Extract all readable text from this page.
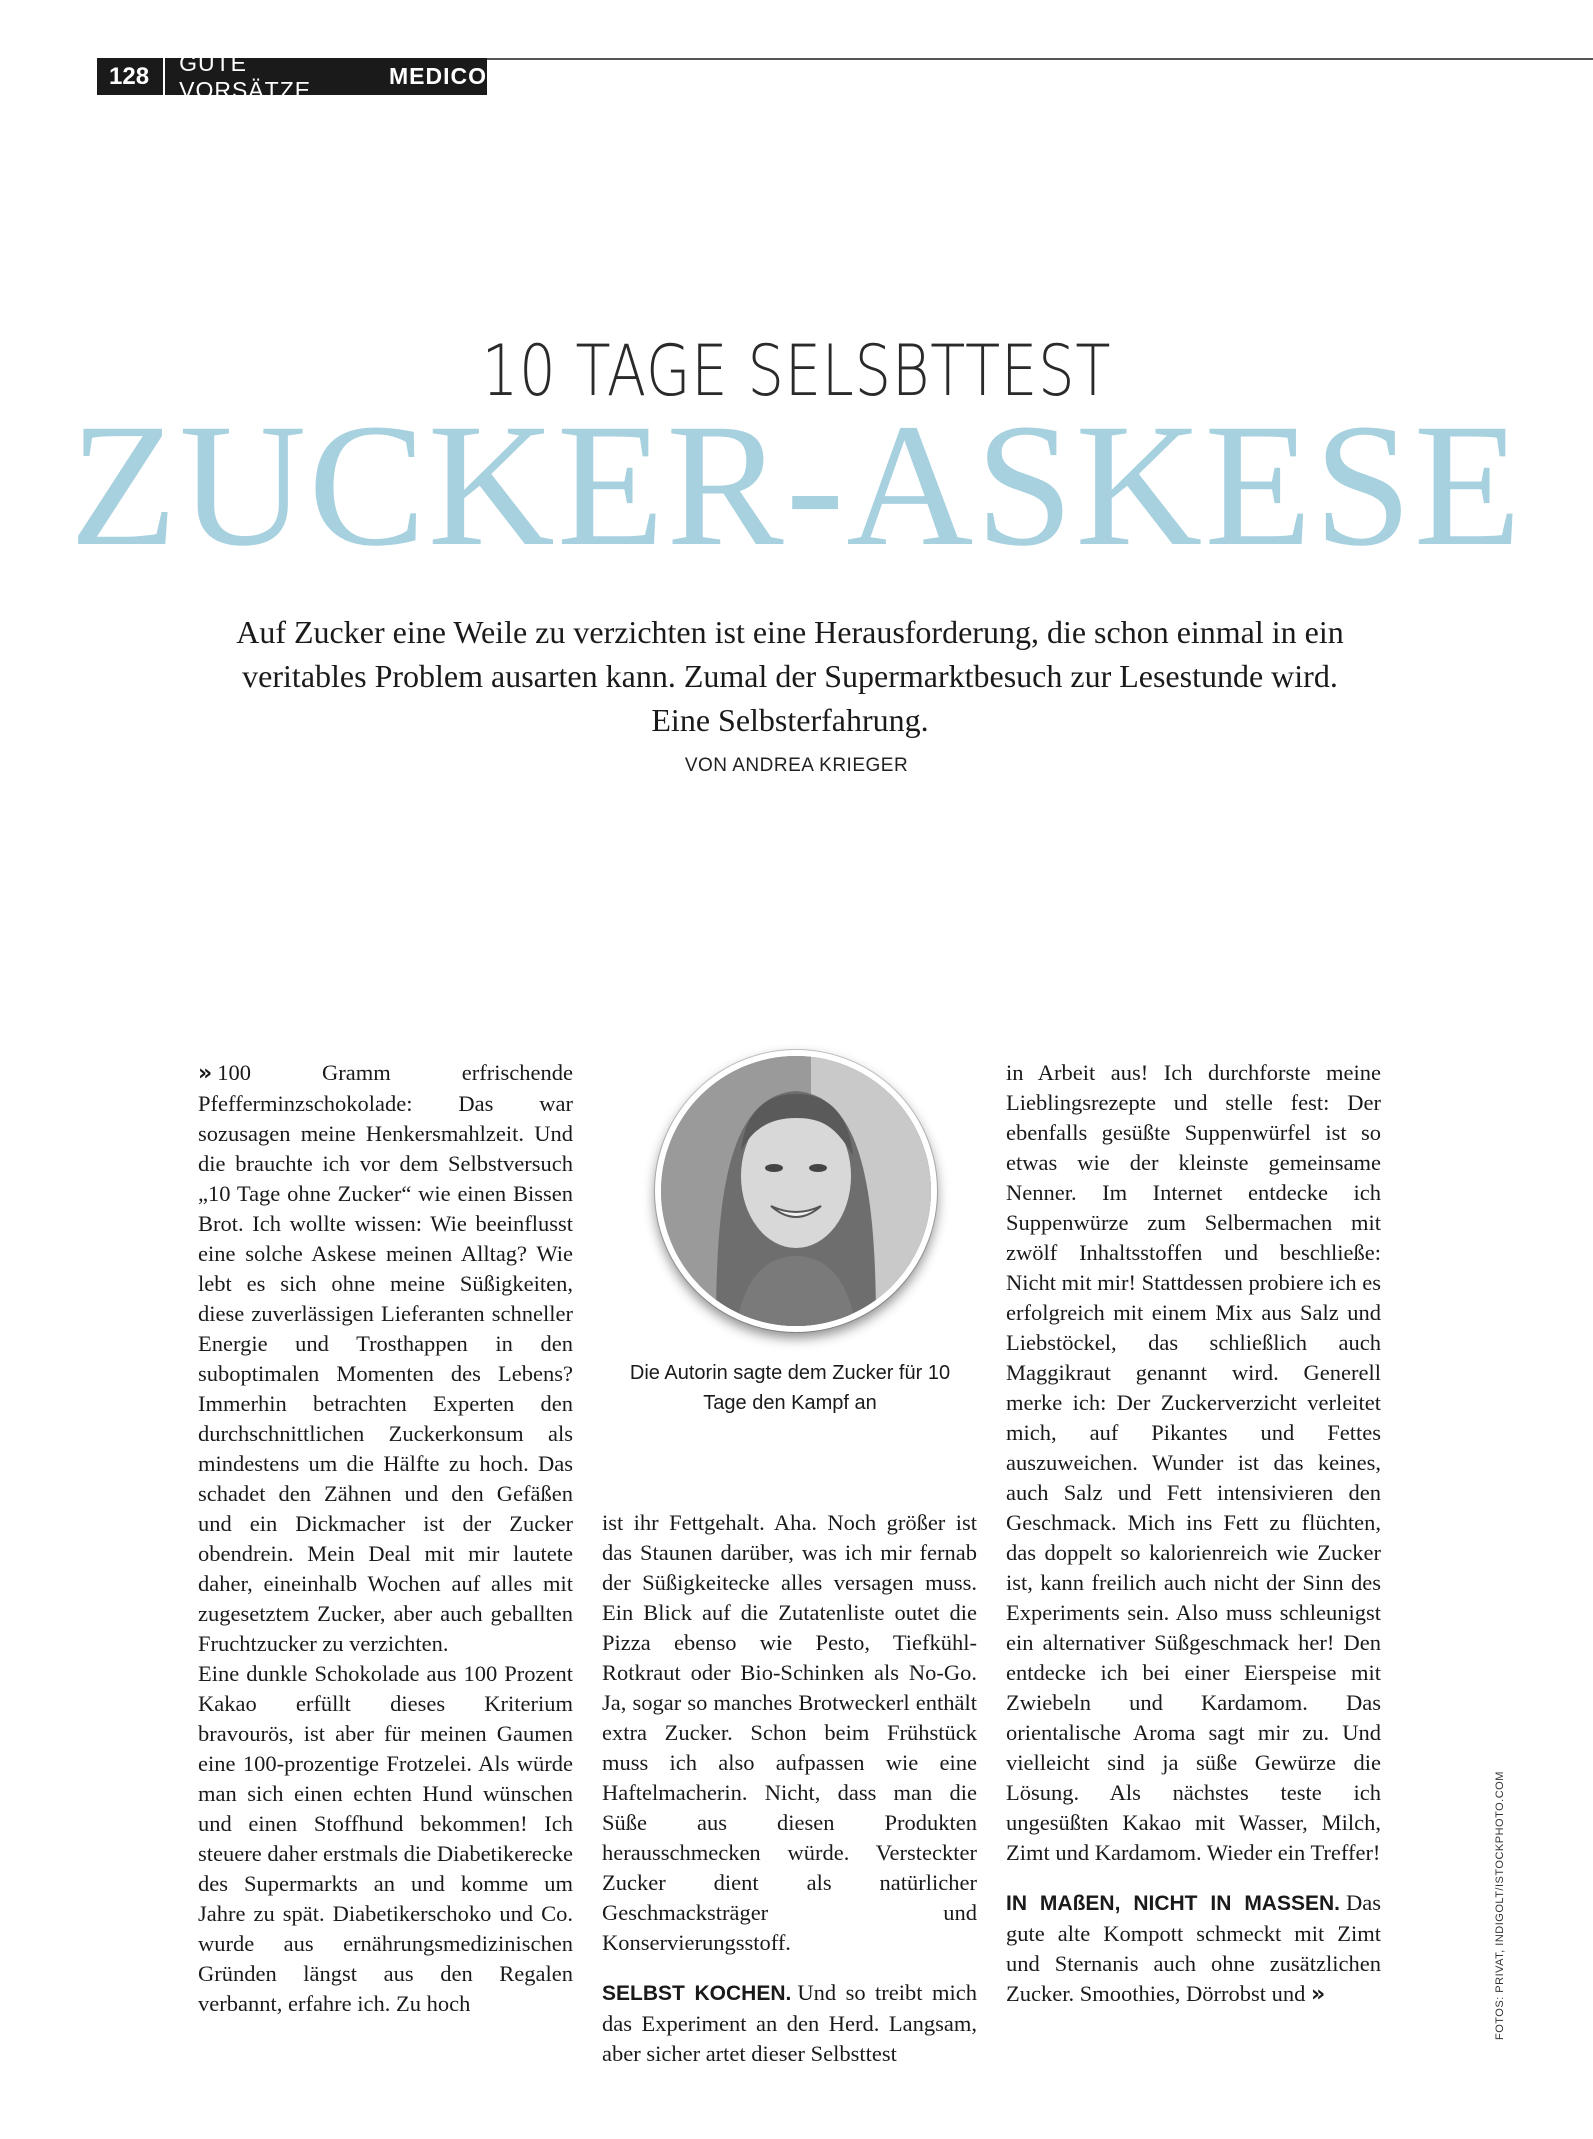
128	GUTE VORSÄTZE
MEDICO
10 TAGE SELSBTTEST
ZUCKER-ASKESE
Auf Zucker eine Weile zu verzichten ist eine Herausforderung, die schon einmal in ein veritables Problem ausarten kann. Zumal der Supermarktbesuch zur Lesestunde wird. Eine Selbsterfahrung.
VON ANDREA KRIEGER

» 100 Gramm erfrischende Pfefferminzschokolade: Das war sozusagen meine Henkersmahlzeit. Und die brauchte ich vor dem Selbstversuch „10 Tage ohne Zucker“ wie einen Bissen Brot. Ich wollte wissen: Wie beeinflusst eine solche Askese meinen Alltag? Wie lebt es sich ohne meine Süßigkeiten, diese zuverlässigen Lieferanten schneller Energie und Trosthappen in den suboptimalen Momenten des Lebens? Immerhin betrachten Experten den durchschnittlichen Zuckerkonsum als mindestens um die Hälfte zu hoch. Das schadet den Zähnen und den Gefäßen und ein Dickmacher ist der Zucker obendrein. Mein Deal mit mir lautete daher, eineinhalb Wochen auf alles mit zugesetztem Zucker, aber auch geballten Fruchtzucker zu verzichten.

Eine dunkle Schokolade aus 100 Prozent Kakao erfüllt dieses Kriterium bravourös, ist aber für meinen Gaumen eine 100-prozentige Frotzelei. Als würde man sich einen echten Hund wünschen und einen Stoffhund bekommen! Ich steuere daher erstmals die Diabetikerecke des Supermarkts an und komme um Jahre zu spät. Diabetikerschoko und Co. wurde aus ernährungsmedizinischen Gründen längst aus den Regalen verbannt, erfahre ich. Zu hoch

Die Autorin sagte dem Zucker für 10 Tage den Kampf an

ist ihr Fettgehalt. Aha. Noch größer ist das Staunen darüber, was ich mir fernab der Süßigkeitecke alles versagen muss. Ein Blick auf die Zutatenliste outet die Pizza ebenso wie Pesto, Tiefkühl-Rotkraut oder Bio-Schinken als No-Go. Ja, sogar so manches Brotweckerl enthält extra Zucker. Schon beim Frühstück muss ich also aufpassen wie eine Haftelmacherin. Nicht, dass man die Süße aus diesen Produkten herausschmecken würde. Versteckter Zucker dient als natürlicher Geschmacksträger und Konservierungsstoff.

SELBST KOCHEN. Und so treibt mich das Experiment an den Herd. Langsam, aber sicher artet dieser Selbsttest

in Arbeit aus! Ich durchforste meine Lieblingsrezepte und stelle fest: Der ebenfalls gesüßte Suppenwürfel ist so etwas wie der kleinste gemeinsame Nenner. Im Internet entdecke ich Suppenwürze zum Selbermachen mit zwölf Inhaltsstoffen und beschließe: Nicht mit mir! Stattdessen probiere ich es erfolgreich mit einem Mix aus Salz und Liebstöckel, das schließlich auch Maggikraut genannt wird. Generell merke ich: Der Zuckerverzicht verleitet mich, auf Pikantes und Fettes auszuweichen. Wunder ist das keines, auch Salz und Fett intensivieren den Geschmack. Mich ins Fett zu flüchten, das doppelt so kalorienreich wie Zucker ist, kann freilich auch nicht der Sinn des Experiments sein. Also muss schleunigst ein alternativer Süßgeschmack her! Den entdecke ich bei einer Eierspeise mit Zwiebeln und Kardamom. Das orientalische Aroma sagt mir zu. Und vielleicht sind ja süße Gewürze die Lösung. Als nächstes teste ich ungesüßten Kakao mit Wasser, Milch, Zimt und Kardamom. Wieder ein Treffer!

IN MAßEN, NICHT IN MASSEN. Das gute alte Kompott schmeckt mit Zimt und Sternanis auch ohne zusätzlichen Zucker. Smoothies, Dörrobst und »	FOTOS: PRIVAT, INDIGOLT/ISTOCKPHOTO.COM
